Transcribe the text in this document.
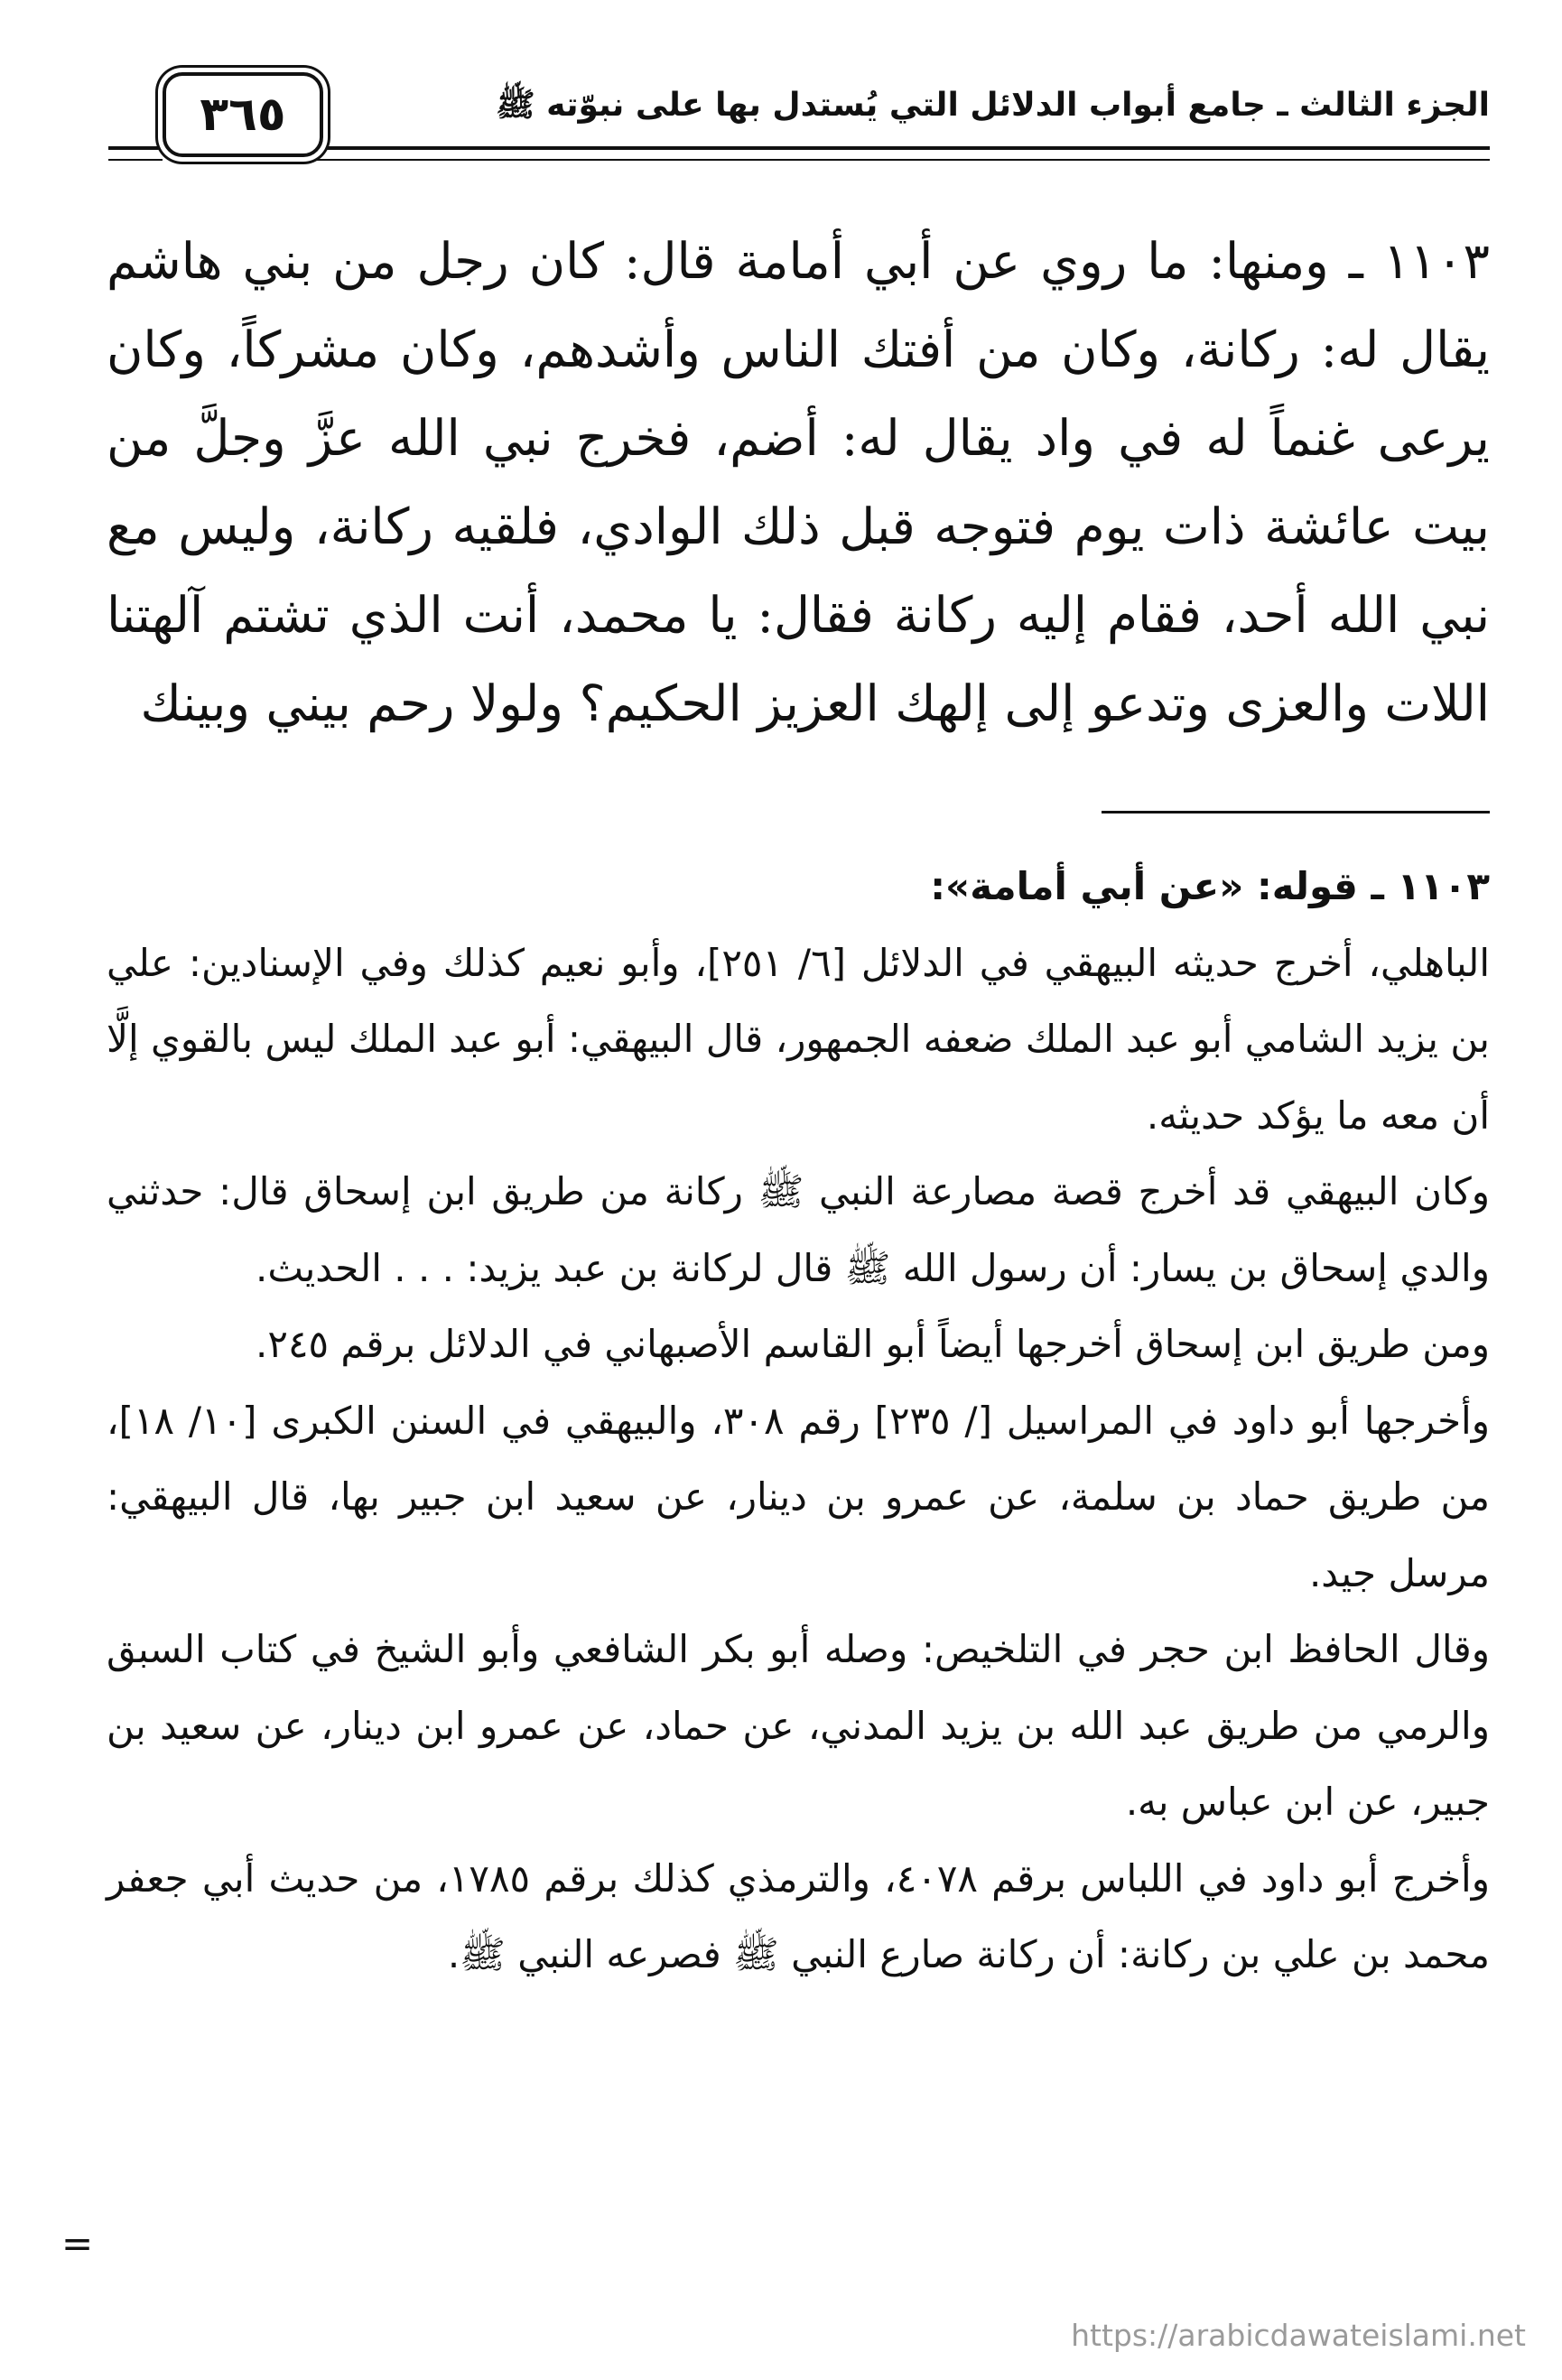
الجزء الثالث ـ جامع أبواب الدلائل التي يُستدل بها على نبوّته ﷺ
٣٦٥

١١٠٣ ـ ومنها: ما روي عن أبي أمامة قال: كان رجل من بني هاشم يقال له: ركانة، وكان من أفتك الناس وأشدهم، وكان مشركاً، وكان يرعى غنماً له في واد يقال له: أضم، فخرج نبي الله عزَّ وجلَّ من بيت عائشة ذات يوم فتوجه قبل ذلك الوادي، فلقيه ركانة، وليس مع نبي الله أحد، فقام إليه ركانة فقال: يا محمد، أنت الذي تشتم آلهتنا اللات والعزى وتدعو إلى إلهك العزيز الحكيم؟ ولولا رحم بيني وبينك

١١٠٣ ـ قوله: «عن أبي أمامة»:

الباهلي، أخرج حديثه البيهقي في الدلائل [٦/ ٢٥١]، وأبو نعيم كذلك وفي الإسنادين: علي بن يزيد الشامي أبو عبد الملك ضعفه الجمهور، قال البيهقي: أبو عبد الملك ليس بالقوي إلَّا أن معه ما يؤكد حديثه.

وكان البيهقي قد أخرج قصة مصارعة النبي ﷺ ركانة من طريق ابن إسحاق قال: حدثني والدي إسحاق بن يسار: أن رسول الله ﷺ قال لركانة بن عبد يزيد: . . . الحديث.

ومن طريق ابن إسحاق أخرجها أيضاً أبو القاسم الأصبهاني في الدلائل برقم ٢٤٥.

وأخرجها أبو داود في المراسيل [/ ٢٣٥] رقم ٣٠٨، والبيهقي في السنن الكبرى [١٠/ ١٨]، من طريق حماد بن سلمة، عن عمرو بن دينار، عن سعيد ابن جبير بها، قال البيهقي: مرسل جيد.

وقال الحافظ ابن حجر في التلخيص: وصله أبو بكر الشافعي وأبو الشيخ في كتاب السبق والرمي من طريق عبد الله بن يزيد المدني، عن حماد، عن عمرو ابن دينار، عن سعيد بن جبير، عن ابن عباس به.

وأخرج أبو داود في اللباس برقم ٤٠٧٨، والترمذي كذلك برقم ١٧٨٥، من حديث أبي جعفر محمد بن علي بن ركانة: أن ركانة صارع النبي ﷺ فصرعه النبي ﷺ.

=
https://arabicdawateislami.net
